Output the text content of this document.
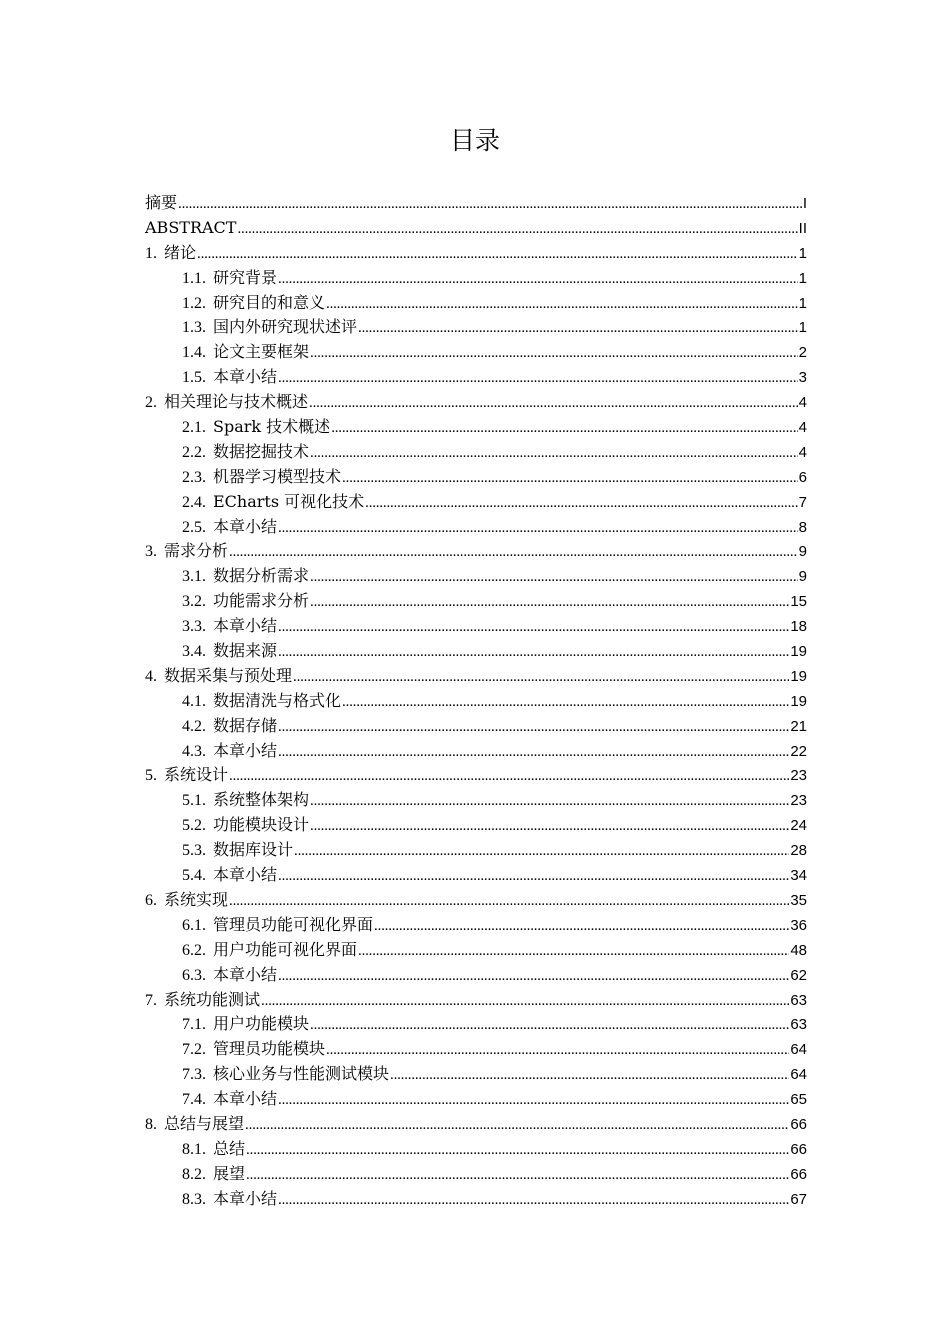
目录
摘要 .....	I
ABSTRACT .....	II
1. 绪论 .....	1
1.1. 研究背景 .....	1
1.2. 研究目的和意义 .....	1
1.3. 国内外研究现状述评 .....	1
1.4. 论文主要框架 .....	2
1.5. 本章小结 .....	3
2. 相关理论与技术概述 .....	4
2.1. Spark 技术概述 .....	4
2.2. 数据挖掘技术 .....	4
2.3. 机器学习模型技术 .....	6
2.4. ECharts 可视化技术 .....	7
2.5. 本章小结 .....	8
3. 需求分析 .....	9
3.1. 数据分析需求 .....	9
3.2. 功能需求分析 .....	15
3.3. 本章小结 .....	18
3.4. 数据来源 .....	19
4. 数据采集与预处理 .....	19
4.1. 数据清洗与格式化 .....	19
4.2. 数据存储 .....	21
4.3. 本章小结 .....	22
5. 系统设计 .....	23
5.1. 系统整体架构 .....	23
5.2. 功能模块设计 .....	24
5.3. 数据库设计 .....	28
5.4. 本章小结 .....	34
6. 系统实现 .....	35
6.1. 管理员功能可视化界面 .....	36
6.2. 用户功能可视化界面 .....	48
6.3. 本章小结 .....	62
7. 系统功能测试 .....	63
7.1. 用户功能模块 .....	63
7.2. 管理员功能模块 .....	64
7.3. 核心业务与性能测试模块 .....	64
7.4. 本章小结 .....	65
8. 总结与展望 .....	66
8.1. 总结 .....	66
8.2. 展望 .....	66
8.3. 本章小结 .....	67
